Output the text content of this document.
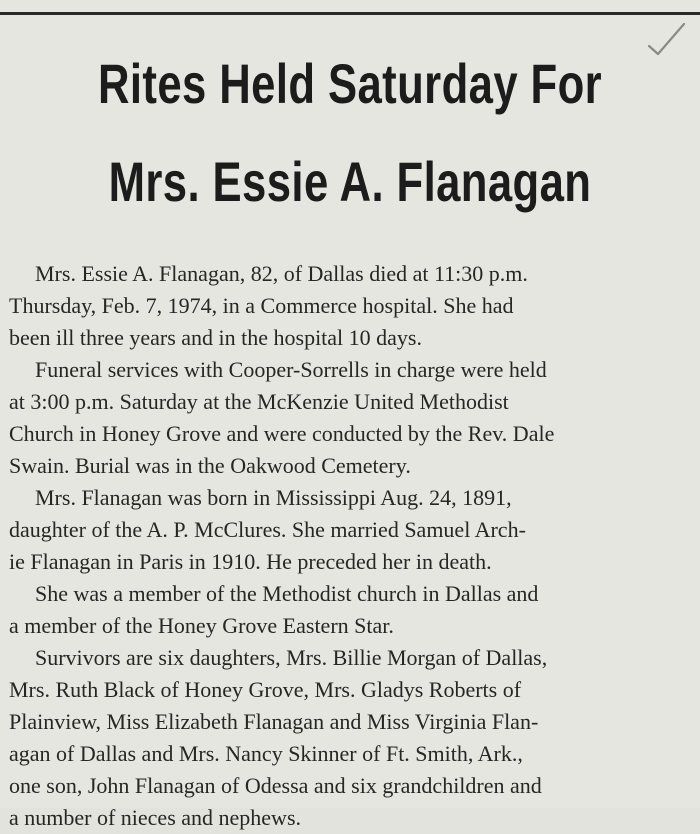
Rites Held Saturday For
Mrs. Essie A. Flanagan
Mrs. Essie A. Flanagan, 82, of Dallas died at 11:30 p.m.
Thursday, Feb. 7, 1974, in a Commerce hospital. She had
been ill three years and in the hospital 10 days.
Funeral services with Cooper-Sorrells in charge were held
at 3:00 p.m. Saturday at the McKenzie United Methodist
Church in Honey Grove and were conducted by the Rev. Dale
Swain. Burial was in the Oakwood Cemetery.
Mrs. Flanagan was born in Mississippi Aug. 24, 1891,
daughter of the A. P. McClures. She married Samuel Arch-
ie Flanagan in Paris in 1910. He preceded her in death.
She was a member of the Methodist church in Dallas and
a member of the Honey Grove Eastern Star.
Survivors are six daughters, Mrs. Billie Morgan of Dallas,
Mrs. Ruth Black of Honey Grove, Mrs. Gladys Roberts of
Plainview, Miss Elizabeth Flanagan and Miss Virginia Flan-
agan of Dallas and Mrs. Nancy Skinner of Ft. Smith, Ark.,
one son, John Flanagan of Odessa and six grandchildren and
a number of nieces and nephews.
